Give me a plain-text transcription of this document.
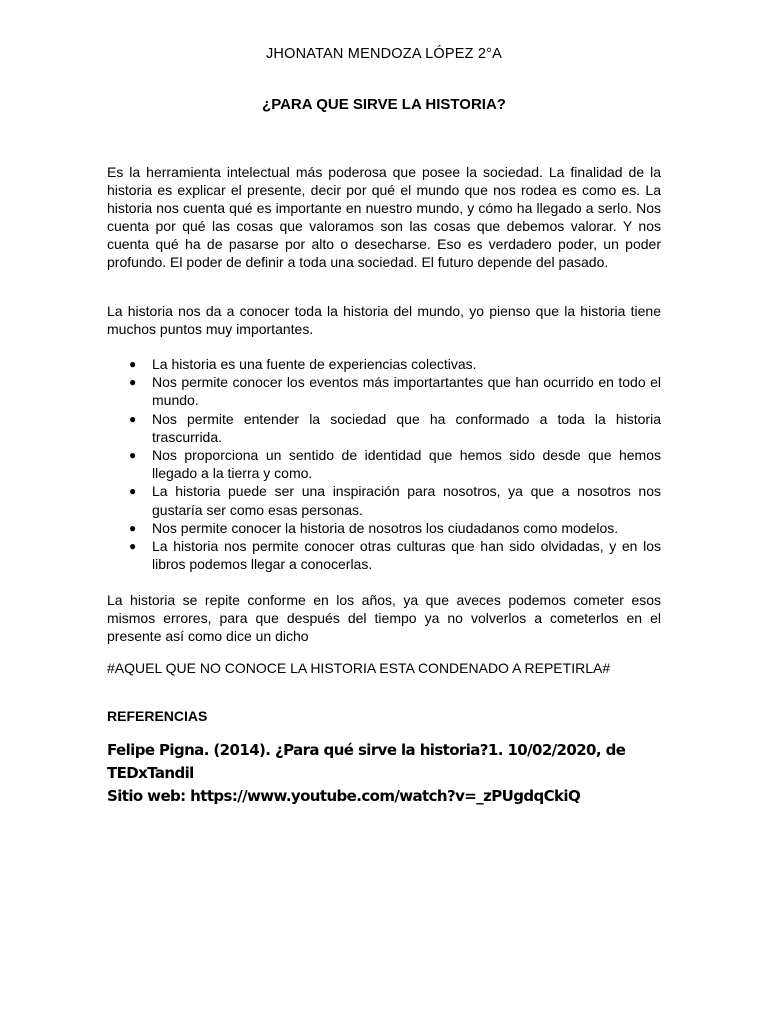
JHONATAN MENDOZA LÓPEZ 2°A
¿PARA QUE SIRVE LA HISTORIA?

Es la herramienta intelectual más poderosa que posee la sociedad. La finalidad de la historia es explicar el presente, decir por qué el mundo que nos rodea es como es. La historia nos cuenta qué es importante en nuestro mundo, y cómo ha llegado a serlo. Nos cuenta por qué las cosas que valoramos son las cosas que debemos valorar. Y nos cuenta qué ha de pasarse por alto o desecharse. Eso es verdadero poder, un poder profundo. El poder de definir a toda una sociedad. El futuro depende del pasado.

La historia nos da a conocer toda la historia del mundo, yo pienso que la historia tiene muchos puntos muy importantes.

● La historia es una fuente de experiencias colectivas.
● Nos permite conocer los eventos más importartantes que han ocurrido en todo el mundo.
● Nos permite entender la sociedad que ha conformado a toda la historia trascurrida.
● Nos proporciona un sentido de identidad que hemos sido desde que hemos llegado a la tierra y como.
● La historia puede ser una inspiración para nosotros, ya que a nosotros nos gustaría ser como esas personas.
● Nos permite conocer la historia de nosotros los ciudadanos como modelos.
● La historia nos permite conocer otras culturas que han sido olvidadas, y en los libros podemos llegar a conocerlas.

La historia se repite conforme en los años, ya que aveces podemos cometer esos mismos errores, para que después del tiempo ya no volverlos a cometerlos en el presente así como dice un dicho

#AQUEL QUE NO CONOCE LA HISTORIA ESTA CONDENADO A REPETIRLA#

REFERENCIAS
Felipe Pigna. (2014). ¿Para qué sirve la historia?1. 10/02/2020, de TEDxTandil
Sitio web: https://www.youtube.com/watch?v=_zPUgdqCkiQ
